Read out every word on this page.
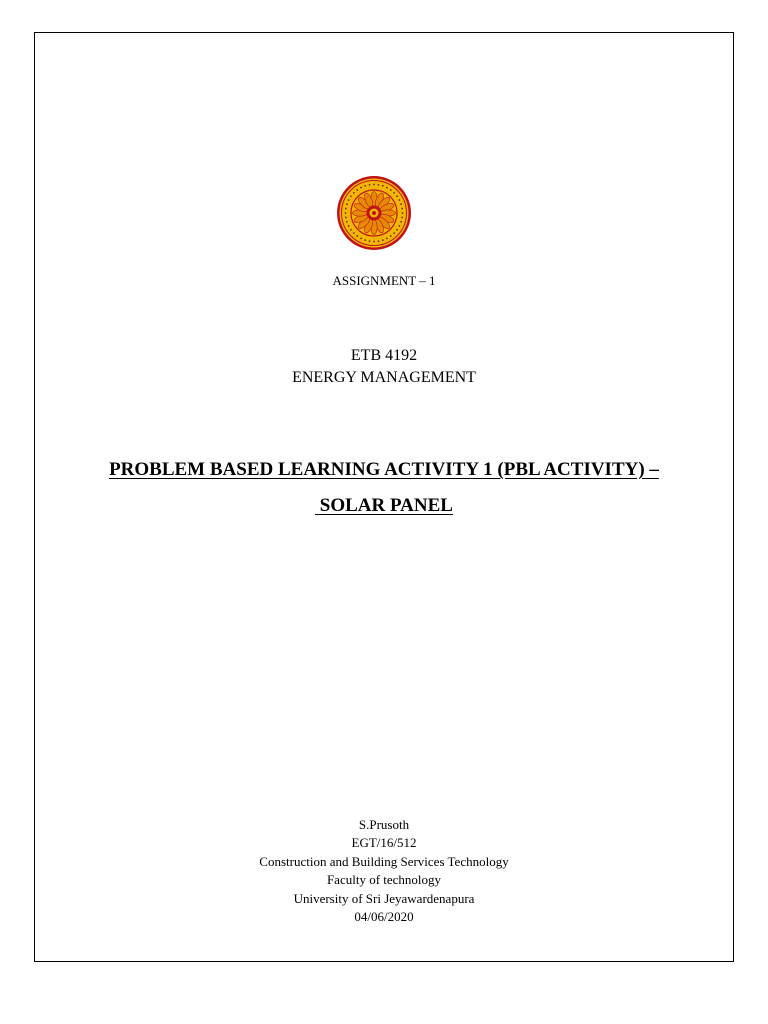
ASSIGNMENT – 1
ETB 4192
ENERGY MANAGEMENT
PROBLEM BASED LEARNING ACTIVITY 1 (PBL ACTIVITY) –
SOLAR PANEL
S.Prusoth
EGT/16/512
Construction and Building Services Technology
Faculty of technology
University of Sri Jeyawardenapura
04/06/2020
